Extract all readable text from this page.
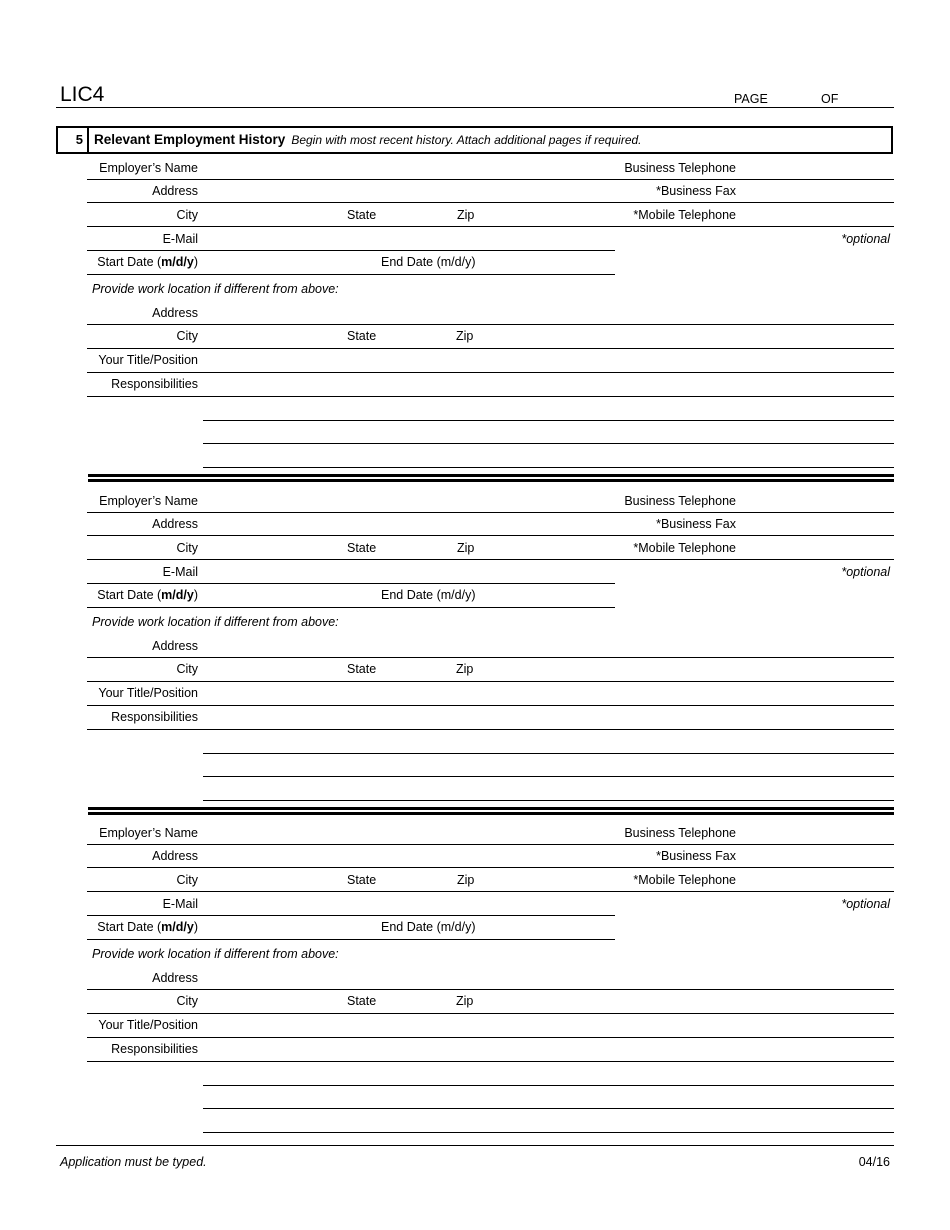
LIC4	PAGE	OF
5 Relevant Employment History Begin with most recent history. Attach additional pages if required.
Employer’s Name	Business Telephone
Address	*Business Fax
City	State	Zip	*Mobile Telephone
E-Mail	*optional
Start Date (m/d/y)	End Date (m/d/y)
Provide work location if different from above:
Address
City	State	Zip
Your Title/Position
Responsibilities
Employer’s Name	Business Telephone
Address	*Business Fax
City	State	Zip	*Mobile Telephone
E-Mail	*optional
Start Date (m/d/y)	End Date (m/d/y)
Provide work location if different from above:
Address
City	State	Zip
Your Title/Position
Responsibilities
Employer’s Name	Business Telephone
Address	*Business Fax
City	State	Zip	*Mobile Telephone
E-Mail	*optional
Start Date (m/d/y)	End Date (m/d/y)
Provide work location if different from above:
Address
City	State	Zip
Your Title/Position
Responsibilities
Application must be typed.	04/16
